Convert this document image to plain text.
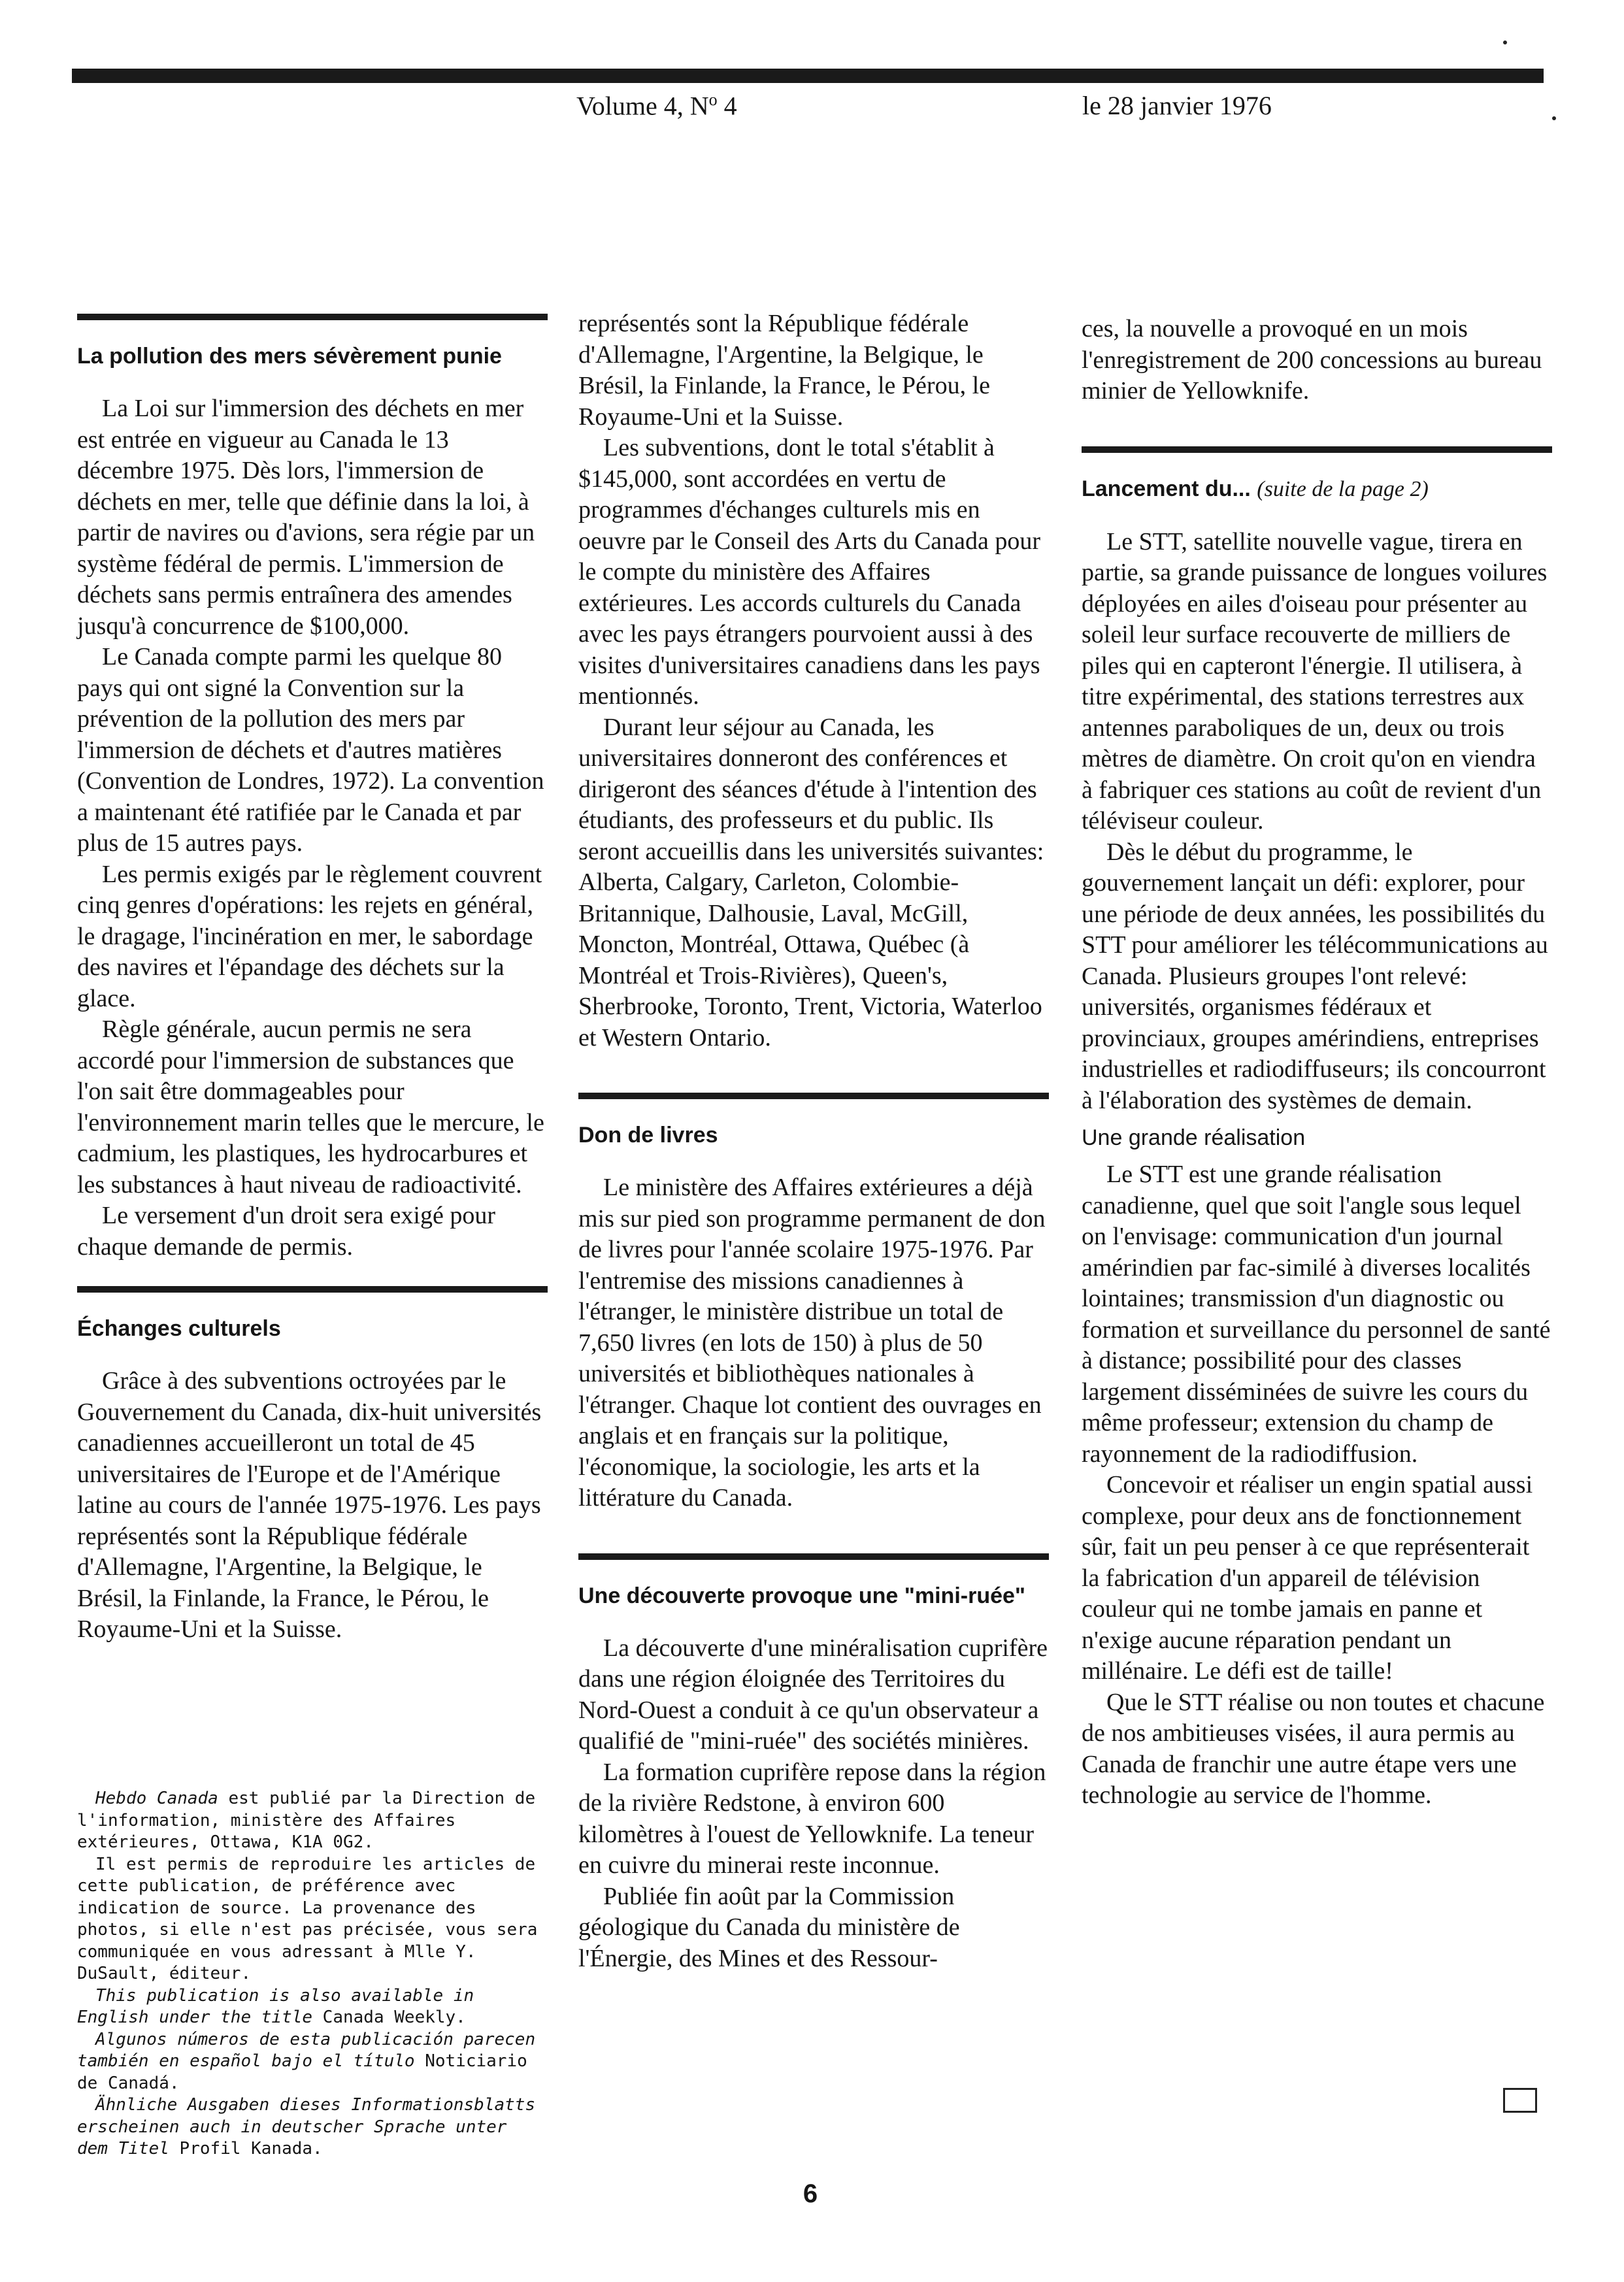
Volume 4, $N^o$ 4	le 28 janvier 1976
La pollution des mers sévèrement punie

La Loi sur l'immersion des déchets en mer est entrée en vigueur au Canada le 13 décembre 1975. Dès lors, l'immersion de déchets en mer, telle que définie dans la loi, à partir de navires ou d'avions, sera régie par un système fédéral de permis. L'immersion de déchets sans permis entraînera des amendes jusqu'à concurrence de $100,000.

Le Canada compte parmi les quelque 80 pays qui ont signé la Convention sur la prévention de la pollution des mers par l'immersion de déchets et d'autres matières (Convention de Londres, 1972). La convention a maintenant été ratifiée par le Canada et par plus de 15 autres pays.

Les permis exigés par le règlement couvrent cinq genres d'opérations: les rejets en général, le dragage, l'incinération en mer, le sabordage des navires et l'épandage des déchets sur la glace.

Règle générale, aucun permis ne sera accordé pour l'immersion de substances que l'on sait être dommageables pour l'environnement marin telles que le mercure, le cadmium, les plastiques, les hydrocarbures et les substances à haut niveau de radioactivité.

Le versement d'un droit sera exigé pour chaque demande de permis.

Échanges culturels

Grâce à des subventions octroyées par le Gouvernement du Canada, dix-huit universités canadiennes accueilleront un total de 45 universitaires de l'Europe et de l'Amérique latine au cours de l'année 1975-1976. Les pays représentés sont la République fédérale d'Allemagne, l'Argentine, la Belgique, le Brésil, la Finlande, la France, le Pérou, le Royaume-Uni et la Suisse.

représentés sont la République fédérale d'Allemagne, l'Argentine, la Belgique, le Brésil, la Finlande, la France, le Pérou, le Royaume-Uni et la Suisse.

Les subventions, dont le total s'établit à $145,000, sont accordées en vertu de programmes d'échanges culturels mis en oeuvre par le Conseil des Arts du Canada pour le compte du ministère des Affaires extérieures. Les accords culturels du Canada avec les pays étrangers pourvoient aussi à des visites d'universitaires canadiens dans les pays mentionnés.

Durant leur séjour au Canada, les universitaires donneront des conférences et dirigeront des séances d'étude à l'intention des étudiants, des professeurs et du public. Ils seront accueillis dans les universités suivantes: Alberta, Calgary, Carleton, Colombie-Britannique, Dalhousie, Laval, McGill, Moncton, Montréal, Ottawa, Québec (à Montréal et Trois-Rivières), Queen's, Sherbrooke, Toronto, Trent, Victoria, Waterloo et Western Ontario.

Don de livres

Le ministère des Affaires extérieures a déjà mis sur pied son programme permanent de don de livres pour l'année scolaire 1975-1976. Par l'entremise des missions canadiennes à l'étranger, le ministère distribue un total de 7,650 livres (en lots de 150) à plus de 50 universités et bibliothèques nationales à l'étranger. Chaque lot contient des ouvrages en anglais et en français sur la politique, l'économique, la sociologie, les arts et la littérature du Canada.

Une découverte provoque une "mini-ruée"

La découverte d'une minéralisation cuprifère dans une région éloignée des Territoires du Nord-Ouest a conduit à ce qu'un observateur a qualifié de "mini-ruée" des sociétés minières.

La formation cuprifère repose dans la région de la rivière Redstone, à environ 600 kilomètres à l'ouest de Yellowknife. La teneur en cuivre du minerai reste inconnue.

Publiée fin août par la Commission géologique du Canada du ministère de l'Énergie, des Mines et des Ressour-

ces, la nouvelle a provoqué en un mois l'enregistrement de 200 concessions au bureau minier de Yellowknife.

Lancement du... (suite de la page 2)

Le STT, satellite nouvelle vague, tirera en partie, sa grande puissance de longues voilures déployées en ailes d'oiseau pour présenter au soleil leur surface recouverte de milliers de piles qui en capteront l'énergie. Il utilisera, à titre expérimental, des stations terrestres aux antennes paraboliques de un, deux ou trois mètres de diamètre. On croit qu'on en viendra à fabriquer ces stations au coût de revient d'un téléviseur couleur.

Dès le début du programme, le gouvernement lançait un défi: explorer, pour une période de deux années, les possibilités du STT pour améliorer les télécommunications au Canada. Plusieurs groupes l'ont relevé: universités, organismes fédéraux et provinciaux, groupes amérindiens, entreprises industrielles et radiodiffuseurs; ils concourront à l'élaboration des systèmes de demain.

Une grande réalisation

Le STT est une grande réalisation canadienne, quel que soit l'angle sous lequel on l'envisage: communication d'un journal amérindien par fac-similé à diverses localités lointaines; transmission d'un diagnostic ou formation et surveillance du personnel de santé à distance; possibilité pour des classes largement disséminées de suivre les cours du même professeur; extension du champ de rayonnement de la radiodiffusion.

Concevoir et réaliser un engin spatial aussi complexe, pour deux ans de fonctionnement sûr, fait un peu penser à ce que représenterait la fabrication d'un appareil de télévision couleur qui ne tombe jamais en panne et n'exige aucune réparation pendant un millénaire. Le défi est de taille!

Que le STT réalise ou non toutes et chacune de nos ambitieuses visées, il aura permis au Canada de franchir une autre étape vers une technologie au service de l'homme.

Hebdo Canada est publié par la Direction de l'information, ministère des Affaires extérieures, Ottawa, K1A 0G2.

Il est permis de reproduire les articles de cette publication, de préférence avec indication de source. La provenance des photos, si elle n'est pas précisée, vous sera communiquée en vous adressant à Mlle Y. DuSault, éditeur.

This publication is also available in English under the title Canada Weekly.

Algunos números de esta publicación parecen también en español bajo el título Noticiario de Canadá.

Ähnliche Ausgaben dieses Informationsblatts erscheinen auch in deutscher Sprache unter dem Titel Profil Kanada.

6
